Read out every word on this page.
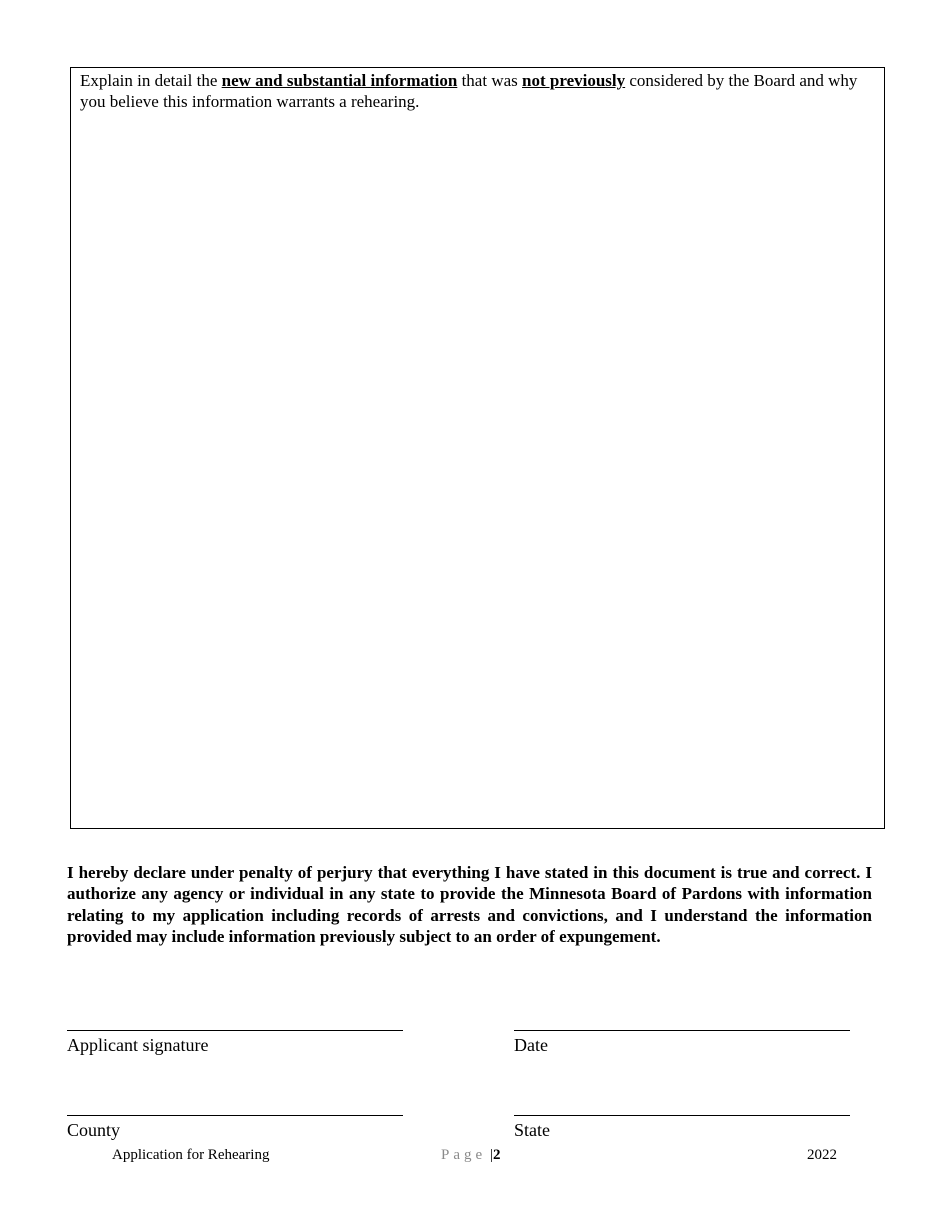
Explain in detail the new and substantial information that was not previously considered by the Board and why you believe this information warrants a rehearing.

I hereby declare under penalty of perjury that everything I have stated in this document is true and correct. I authorize any agency or individual in any state to provide the Minnesota Board of Pardons with information relating to my application including records of arrests and convictions, and I understand the information provided may include information previously subject to an order of expungement.

Applicant signature	Date
County	State
Application for Rehearing	Page |2	2022
